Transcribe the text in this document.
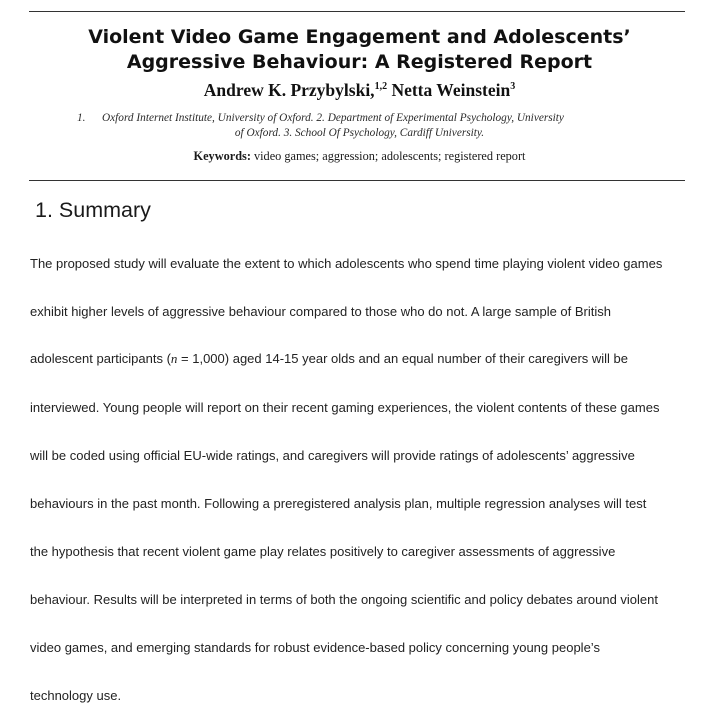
Violent Video Game Engagement and Adolescents’
Aggressive Behaviour: A Registered Report
Andrew K. Przybylski,$^{1,2}$ Netta Weinstein$^3$
1. Oxford Internet Institute, University of Oxford. 2. Department of Experimental Psychology, University
of Oxford. 3. School Of Psychology, Cardiff University.
Keywords: video games; aggression; adolescents; registered report
1. Summary
The proposed study will evaluate the extent to which adolescents who spend time playing violent video games
exhibit higher levels of aggressive behaviour compared to those who do not. A large sample of British
adolescent participants (n = 1,000) aged 14-15 year olds and an equal number of their caregivers will be
interviewed. Young people will report on their recent gaming experiences, the violent contents of these games
will be coded using official EU-wide ratings, and caregivers will provide ratings of adolescents’ aggressive
behaviours in the past month. Following a preregistered analysis plan, multiple regression analyses will test
the hypothesis that recent violent game play relates positively to caregiver assessments of aggressive
behaviour. Results will be interpreted in terms of both the ongoing scientific and policy debates around violent
video games, and emerging standards for robust evidence-based policy concerning young people’s
technology use.
